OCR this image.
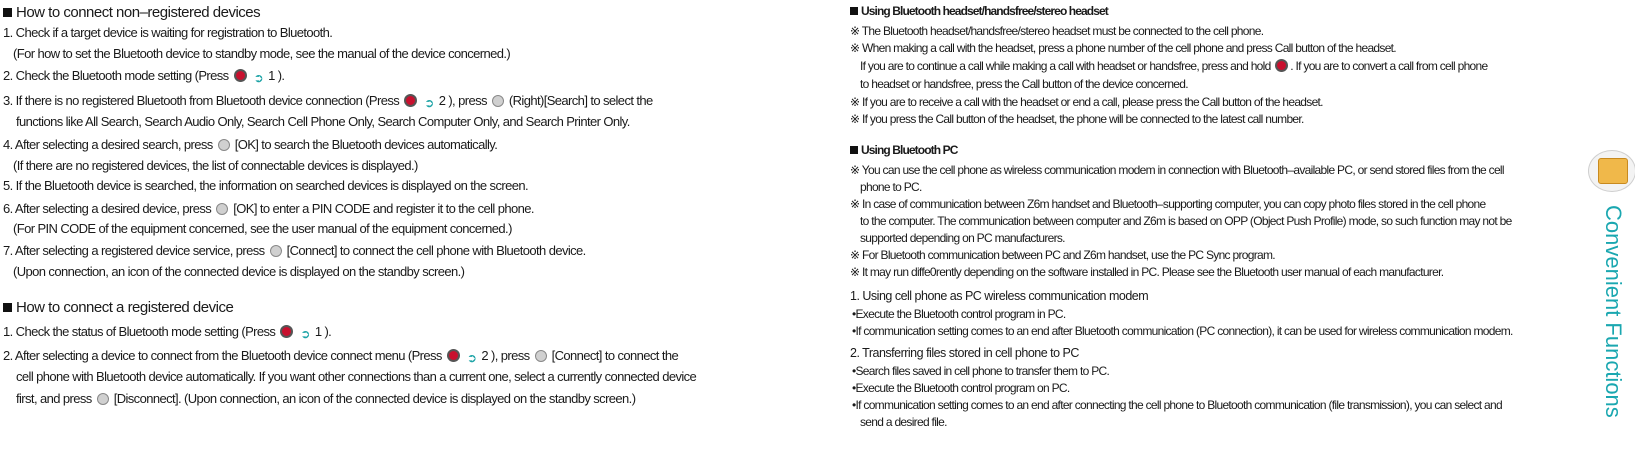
How to connect non–registered devices
1. Check if a target device is waiting for registration to Bluetooth.
(For how to set the Bluetooth device to standby mode, see the manual of the device concerned.)
2. Check the Bluetooth mode setting (Press ➲ 1 ).
3. If there is no registered Bluetooth from Bluetooth device connection (Press ➲ 2 ), press (Right)[Search] to select the
functions like All Search, Search Audio Only, Search Cell Phone Only, Search Computer Only, and Search Printer Only.
4. After selecting a desired search, press [OK] to search the Bluetooth devices automatically.
(If there are no registered devices, the list of connectable devices is displayed.)
5. If the Bluetooth device is searched, the information on searched devices is displayed on the screen.
6. After selecting a desired device, press [OK] to enter a PIN CODE and register it to the cell phone.
(For PIN CODE of the equipment concerned, see the user manual of the equipment concerned.)
7. After selecting a registered device service, press [Connect] to connect the cell phone with Bluetooth device.
(Upon connection, an icon of the connected device is displayed on the standby screen.)
How to connect a registered device
1. Check the status of Bluetooth mode setting (Press ➲ 1 ).
2. After selecting a device to connect from the Bluetooth device connect menu (Press ➲ 2 ), press [Connect] to connect the
cell phone with Bluetooth device automatically. If you want other connections than a current one, select a currently connected device
first, and press [Disconnect]. (Upon connection, an icon of the connected device is displayed on the standby screen.)
Using Bluetooth headset/handsfree/stereo headset
※ The Bluetooth headset/handsfree/stereo headset must be connected to the cell phone.
※ When making a call with the headset, press a phone number of the cell phone and press Call button of the headset.
If you are to continue a call while making a call with headset or handsfree, press and hold . If you are to convert a call from cell phone
to headset or handsfree, press the Call button of the device concerned.
※ If you are to receive a call with the headset or end a call, please press the Call button of the headset.
※ If you press the Call button of the headset, the phone will be connected to the latest call number.
Using Bluetooth PC
※ You can use the cell phone as wireless communication modem in connection with Bluetooth–available PC, or send stored files from the cell
phone to PC.
※ In case of communication between Z6m handset and Bluetooth–supporting computer, you can copy photo files stored in the cell phone
to the computer. The communication between computer and Z6m is based on OPP (Object Push Profile) mode, so such function may not be
supported depending on PC manufacturers.
※ For Bluetooth communication between PC and Z6m handset, use the PC Sync program.
※ It may run diffe0rently depending on the software installed in PC. Please see the Bluetooth user manual of each manufacturer.
1. Using cell phone as PC wireless communication modem
•Execute the Bluetooth control program in PC.
•If communication setting comes to an end after Bluetooth communication (PC connection), it can be used for wireless communication modem.
2. Transferring files stored in cell phone to PC
•Search files saved in cell phone to transfer them to PC.
•Execute the Bluetooth control program on PC.
•If communication setting comes to an end after connecting the cell phone to Bluetooth communication (file transmission), you can select and
send a desired file.
Convenient Functions
